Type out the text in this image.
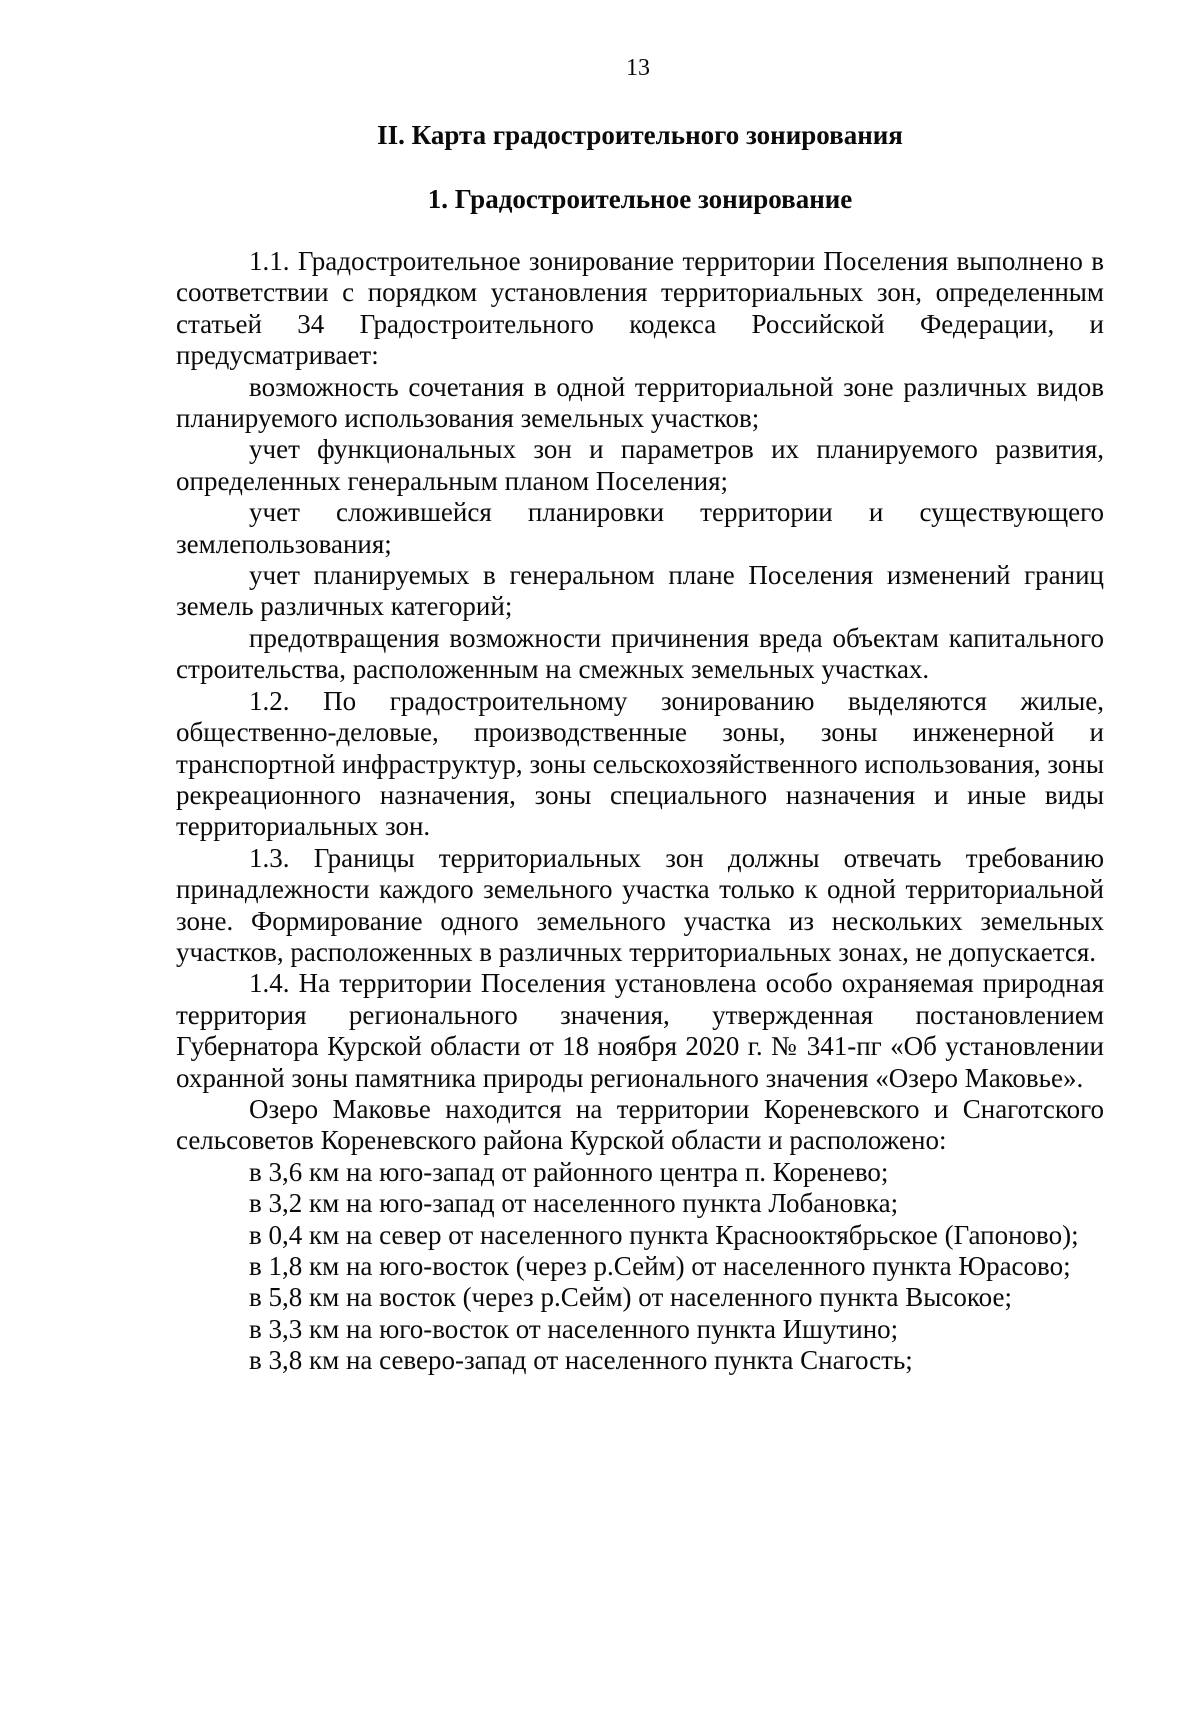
13
II. Карта градостроительного зонирования
1. Градостроительное зонирование

1.1. Градостроительное зонирование территории Поселения выполнено в соответствии с порядком установления территориальных зон, определенным статьей 34 Градостроительного кодекса Российской Федерации, и предусматривает:

возможность сочетания в одной территориальной зоне различных видов планируемого использования земельных участков;

учет функциональных зон и параметров их планируемого развития, определенных генеральным планом Поселения;

учет сложившейся планировки территории и существующего землепользования;

учет планируемых в генеральном плане Поселения изменений границ земель различных категорий;

предотвращения возможности причинения вреда объектам капитального строительства, расположенным на смежных земельных участках.

1.2. По градостроительному зонированию выделяются жилые, общественно-деловые, производственные зоны, зоны инженерной и транспортной инфраструктур, зоны сельскохозяйственного использования, зоны рекреационного назначения, зоны специального назначения и иные виды территориальных зон.

1.3. Границы территориальных зон должны отвечать требованию принадлежности каждого земельного участка только к одной территориальной зоне. Формирование одного земельного участка из нескольких земельных участков, расположенных в различных территориальных зонах, не допускается.

1.4. На территории Поселения установлена особо охраняемая природная территория регионального значения, утвержденная постановлением Губернатора Курской области от 18 ноября 2020 г. № 341-пг «Об установлении охранной зоны памятника природы регионального значения «Озеро Маковье».

Озеро Маковье находится на территории Кореневского и Снаготского сельсоветов Кореневского района Курской области и расположено:

в 3,6 км на юго-запад от районного центра п. Коренево;

в 3,2 км на юго-запад от населенного пункта Лобановка;

в 0,4 км на север от населенного пункта Краснооктябрьское (Гапоново);

в 1,8 км на юго-восток (через р.Сейм) от населенного пункта Юрасово;

в 5,8 км на восток (через р.Сейм) от населенного пункта Высокое;

в 3,3 км на юго-восток от населенного пункта Ишутино;

в 3,8 км на северо-запад от населенного пункта Снагость;
